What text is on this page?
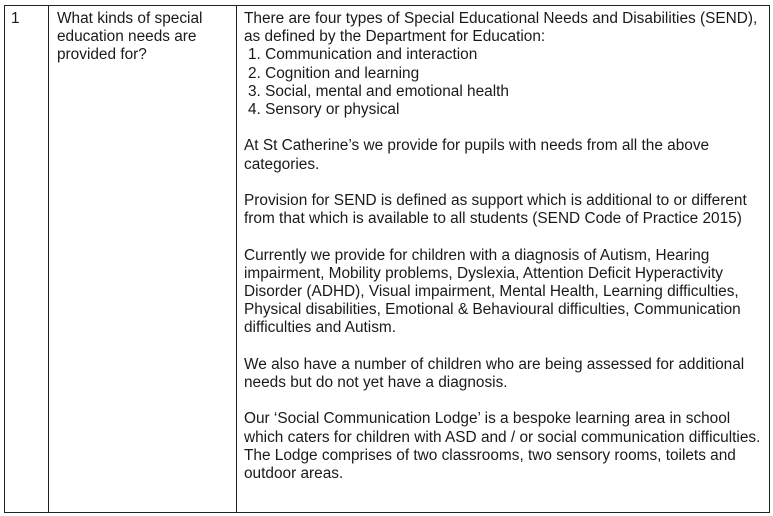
1 What kinds of special education needs are provided for?

There are four types of Special Educational Needs and Disabilities (SEND), as defined by the Department for Education:

1. Communication and interaction
2. Cognition and learning
3. Social, mental and emotional health
4. Sensory or physical

At St Catherine’s we provide for pupils with needs from all the above categories.

Provision for SEND is defined as support which is additional to or different from that which is available to all students (SEND Code of Practice 2015)

Currently we provide for children with a diagnosis of Autism, Hearing impairment, Mobility problems, Dyslexia, Attention Deficit Hyperactivity Disorder (ADHD), Visual impairment, Mental Health, Learning difficulties, Physical disabilities, Emotional & Behavioural difficulties, Communication difficulties and Autism.

We also have a number of children who are being assessed for additional needs but do not yet have a diagnosis.

Our ‘Social Communication Lodge’ is a bespoke learning area in school which caters for children with ASD and / or social communication difficulties. The Lodge comprises of two classrooms, two sensory rooms, toilets and outdoor areas.
